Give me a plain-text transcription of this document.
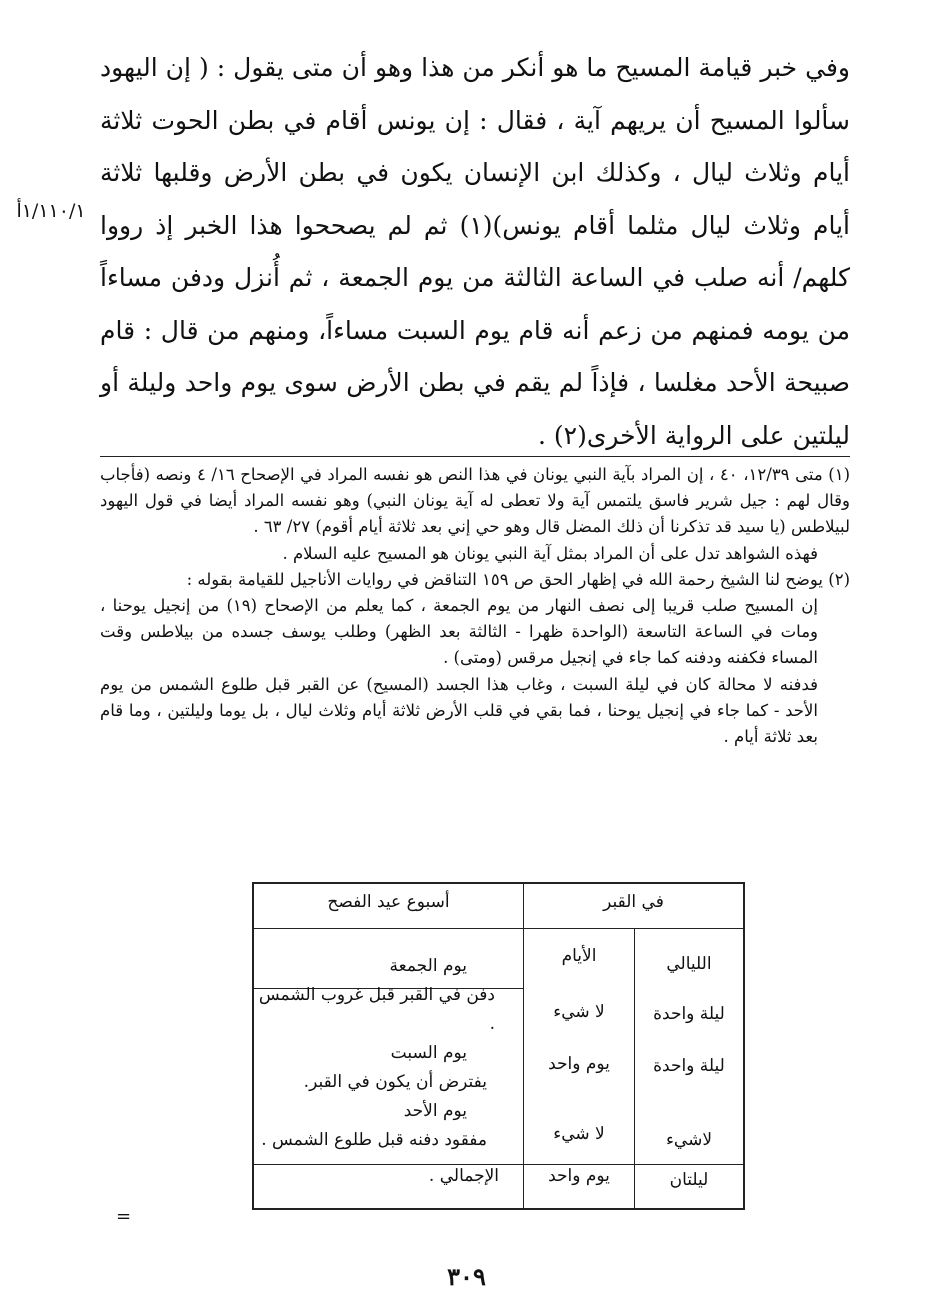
وفي خبر قيامة المسيح ما هو أنكر من هذا وهو أن متى يقول : ( إن اليهود سألوا المسيح أن يريهم آية ، فقال : إن يونس أقام في بطن الحوت ثلاثة أيام وثلاث ليال ، وكذلك ابن الإنسان يكون في بطن الأرض وقلبها ثلاثة أيام وثلاث ليال مثلما أقام يونس)(١) ثم لم يصححوا هذا الخبر إذ رووا كلهم/ أنه صلب في الساعة الثالثة من يوم الجمعة ، ثم أُنزل ودفن مساءاً من يومه فمنهم من زعم أنه قام يوم السبت مساءاً، ومنهم من قال : قام صبيحة الأحد مغلسا ، فإذاً لم يقم في بطن الأرض سوى يوم واحد وليلة أو ليلتين على الرواية الأخرى(٢) .

١/١١٠/١أ

(١) متى ١٢/٣٩، ٤٠ ، إن المراد بآية النبي يونان في هذا النص هو نفسه المراد في الإصحاح ١٦/ ٤ ونصه (فأجاب وقال لهم : جيل شرير فاسق يلتمس آية ولا تعطى له آية يونان النبي) وهو نفسه المراد أيضا في قول اليهود لبيلاطس (يا سيد قد تذكرنا أن ذلك المضل قال وهو حي إني بعد ثلاثة أيام أقوم) ٢٧/ ٦٣ .

فهذه الشواهد تدل على أن المراد بمثل آية النبي يونان هو المسيح عليه السلام .

(٢) يوضح لنا الشيخ رحمة الله في إظهار الحق ص ١٥٩ التناقض في روايات الأناجيل للقيامة بقوله :

إن المسيح صلب قريبا إلى نصف النهار من يوم الجمعة ، كما يعلم من الإصحاح (١٩) من إنجيل يوحنا ، ومات في الساعة التاسعة (الواحدة ظهرا - الثالثة بعد الظهر) وطلب يوسف جسده من بيلاطس وقت المساء فكفنه ودفنه كما جاء في إنجيل مرقس (ومتى) .

فدفنه لا محالة كان في ليلة السبت ، وغاب هذا الجسد (المسيح) عن القبر قبل طلوع الشمس من يوم الأحد - كما جاء في إنجيل يوحنا ، فما بقي في قلب الأرض ثلاثة أيام وثلاث ليال ، بل يوما وليلتين ، وما قام بعد ثلاثة أيام .

في القبر
أسبوع عيد الفصح
الليالي
الأيام
ليلة واحدة
لا شيء
ليلة واحدة
يوم واحد
لاشيء
لا شيء

يوم الجمعة

دفن في القبر قبل غروب الشمس .

يوم السبت

يفترض أن يكون في القبر.

يوم الأحد

مفقود دفنه قبل طلوع الشمس .

ليلتان
يوم واحد
الإجمالي .
=
٣٠٩
